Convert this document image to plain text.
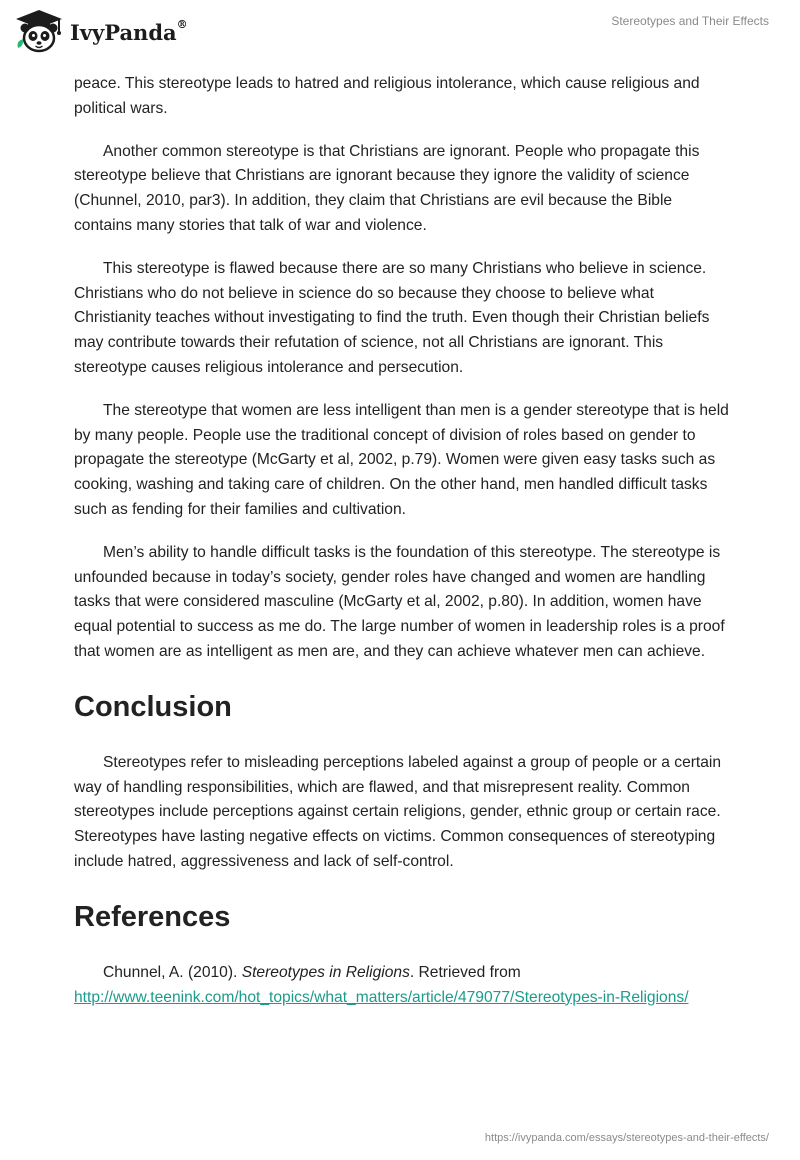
IvyPanda®	Stereotypes and Their Effects

peace. This stereotype leads to hatred and religious intolerance, which cause religious and political wars.

Another common stereotype is that Christians are ignorant. People who propagate this stereotype believe that Christians are ignorant because they ignore the validity of science (Chunnel, 2010, par3). In addition, they claim that Christians are evil because the Bible contains many stories that talk of war and violence.

This stereotype is flawed because there are so many Christians who believe in science. Christians who do not believe in science do so because they choose to believe what Christianity teaches without investigating to find the truth. Even though their Christian beliefs may contribute towards their refutation of science, not all Christians are ignorant. This stereotype causes religious intolerance and persecution.

The stereotype that women are less intelligent than men is a gender stereotype that is held by many people. People use the traditional concept of division of roles based on gender to propagate the stereotype (McGarty et al, 2002, p.79). Women were given easy tasks such as cooking, washing and taking care of children. On the other hand, men handled difficult tasks such as fending for their families and cultivation.

Men’s ability to handle difficult tasks is the foundation of this stereotype. The stereotype is unfounded because in today’s society, gender roles have changed and women are handling tasks that were considered masculine (McGarty et al, 2002, p.80). In addition, women have equal potential to success as me do. The large number of women in leadership roles is a proof that women are as intelligent as men are, and they can achieve whatever men can achieve.

Conclusion

Stereotypes refer to misleading perceptions labeled against a group of people or a certain way of handling responsibilities, which are flawed, and that misrepresent reality. Common stereotypes include perceptions against certain religions, gender, ethnic group or certain race. Stereotypes have lasting negative effects on victims. Common consequences of stereotyping include hatred, aggressiveness and lack of self-control.

References

Chunnel, A. (2010). Stereotypes in Religions. Retrieved from
http://www.teenink.com/hot_topics/what_matters/article/479077/Stereotypes-in-Religions/

https://ivypanda.com/essays/stereotypes-and-their-effects/
